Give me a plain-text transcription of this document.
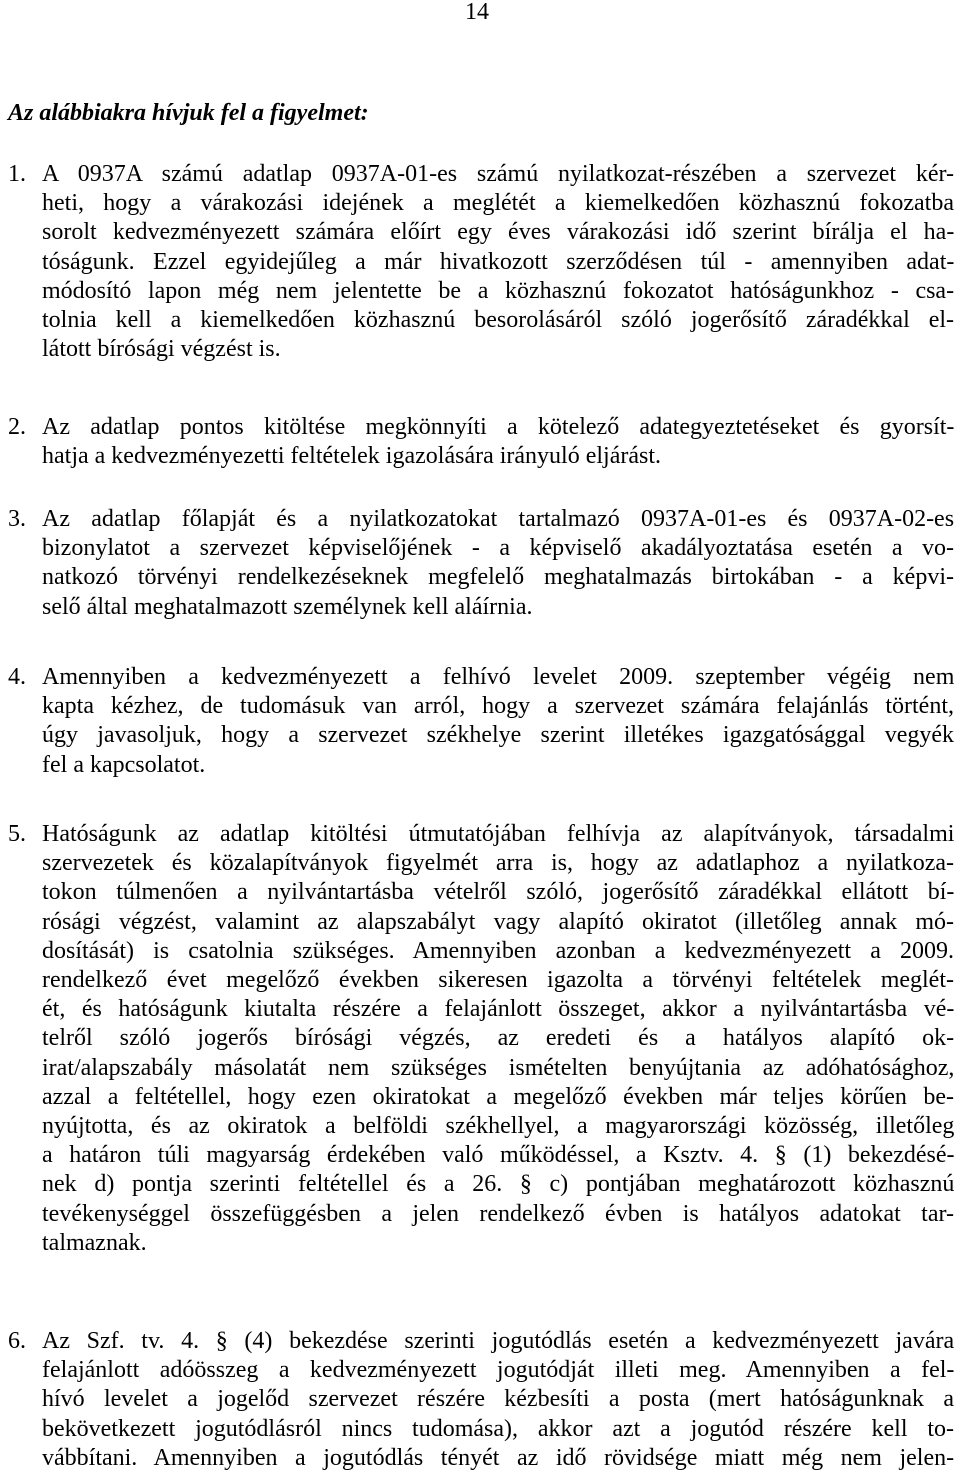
14
Az alábbiakra hívjuk fel a figyelmet:
1. A 0937A számú adatlap 0937A-01-es számú nyilatkozat-részében a szervezet kér-
heti, hogy a várakozási idejének a meglétét a kiemelkedően közhasznú fokozatba
sorolt kedvezményezett számára előírt egy éves várakozási idő szerint bírálja el ha-
tóságunk. Ezzel egyidejűleg a már hivatkozott szerződésen túl - amennyiben adat-
módosító lapon még nem jelentette be a közhasznú fokozatot hatóságunkhoz - csa-
tolnia kell a kiemelkedően közhasznú besorolásáról szóló jogerősítő záradékkal el-
látott bírósági végzést is.
2. Az adatlap pontos kitöltése megkönnyíti a kötelező adategyeztetéseket és gyorsít-
hatja a kedvezményezetti feltételek igazolására irányuló eljárást.
3. Az adatlap főlapját és a nyilatkozatokat tartalmazó 0937A-01-es és 0937A-02-es
bizonylatot a szervezet képviselőjének - a képviselő akadályoztatása esetén a vo-
natkozó törvényi rendelkezéseknek megfelelő meghatalmazás birtokában - a képvi-
selő által meghatalmazott személynek kell aláírnia.
4. Amennyiben a kedvezményezett a felhívó levelet 2009. szeptember végéig nem
kapta kézhez, de tudomásuk van arról, hogy a szervezet számára felajánlás történt,
úgy javasoljuk, hogy a szervezet székhelye szerint illetékes igazgatósággal vegyék
fel a kapcsolatot.
5. Hatóságunk az adatlap kitöltési útmutatójában felhívja az alapítványok, társadalmi
szervezetek és közalapítványok figyelmét arra is, hogy az adatlaphoz a nyilatkoza-
tokon túlmenően a nyilvántartásba vételről szóló, jogerősítő záradékkal ellátott bí-
rósági végzést, valamint az alapszabályt vagy alapító okiratot (illetőleg annak mó-
dosítását) is csatolnia szükséges. Amennyiben azonban a kedvezményezett a 2009.
rendelkező évet megelőző években sikeresen igazolta a törvényi feltételek meglét-
ét, és hatóságunk kiutalta részére a felajánlott összeget, akkor a nyilvántartásba vé-
telről szóló jogerős bírósági végzés, az eredeti és a hatályos alapító ok-
irat/alapszabály másolatát nem szükséges ismételten benyújtania az adóhatósághoz,
azzal a feltétellel, hogy ezen okiratokat a megelőző években már teljes körűen be-
nyújtotta, és az okiratok a belföldi székhellyel, a magyarországi közösség, illetőleg
a határon túli magyarság érdekében való működéssel, a Ksztv. 4. § (1) bekezdésé-
nek d) pontja szerinti feltétellel és a 26. § c) pontjában meghatározott közhasznú
tevékenységgel összefüggésben a jelen rendelkező évben is hatályos adatokat tar-
talmaznak.
6. Az Szf. tv. 4. § (4) bekezdése szerinti jogutódlás esetén a kedvezményezett javára
felajánlott adóösszeg a kedvezményezett jogutódját illeti meg. Amennyiben a fel-
hívó levelet a jogelőd szervezet részére kézbesíti a posta (mert hatóságunknak a
bekövetkezett jogutódlásról nincs tudomása), akkor azt a jogutód részére kell to-
vábbítani. Amennyiben a jogutódlás tényét az idő rövidsége miatt még nem jelen-
